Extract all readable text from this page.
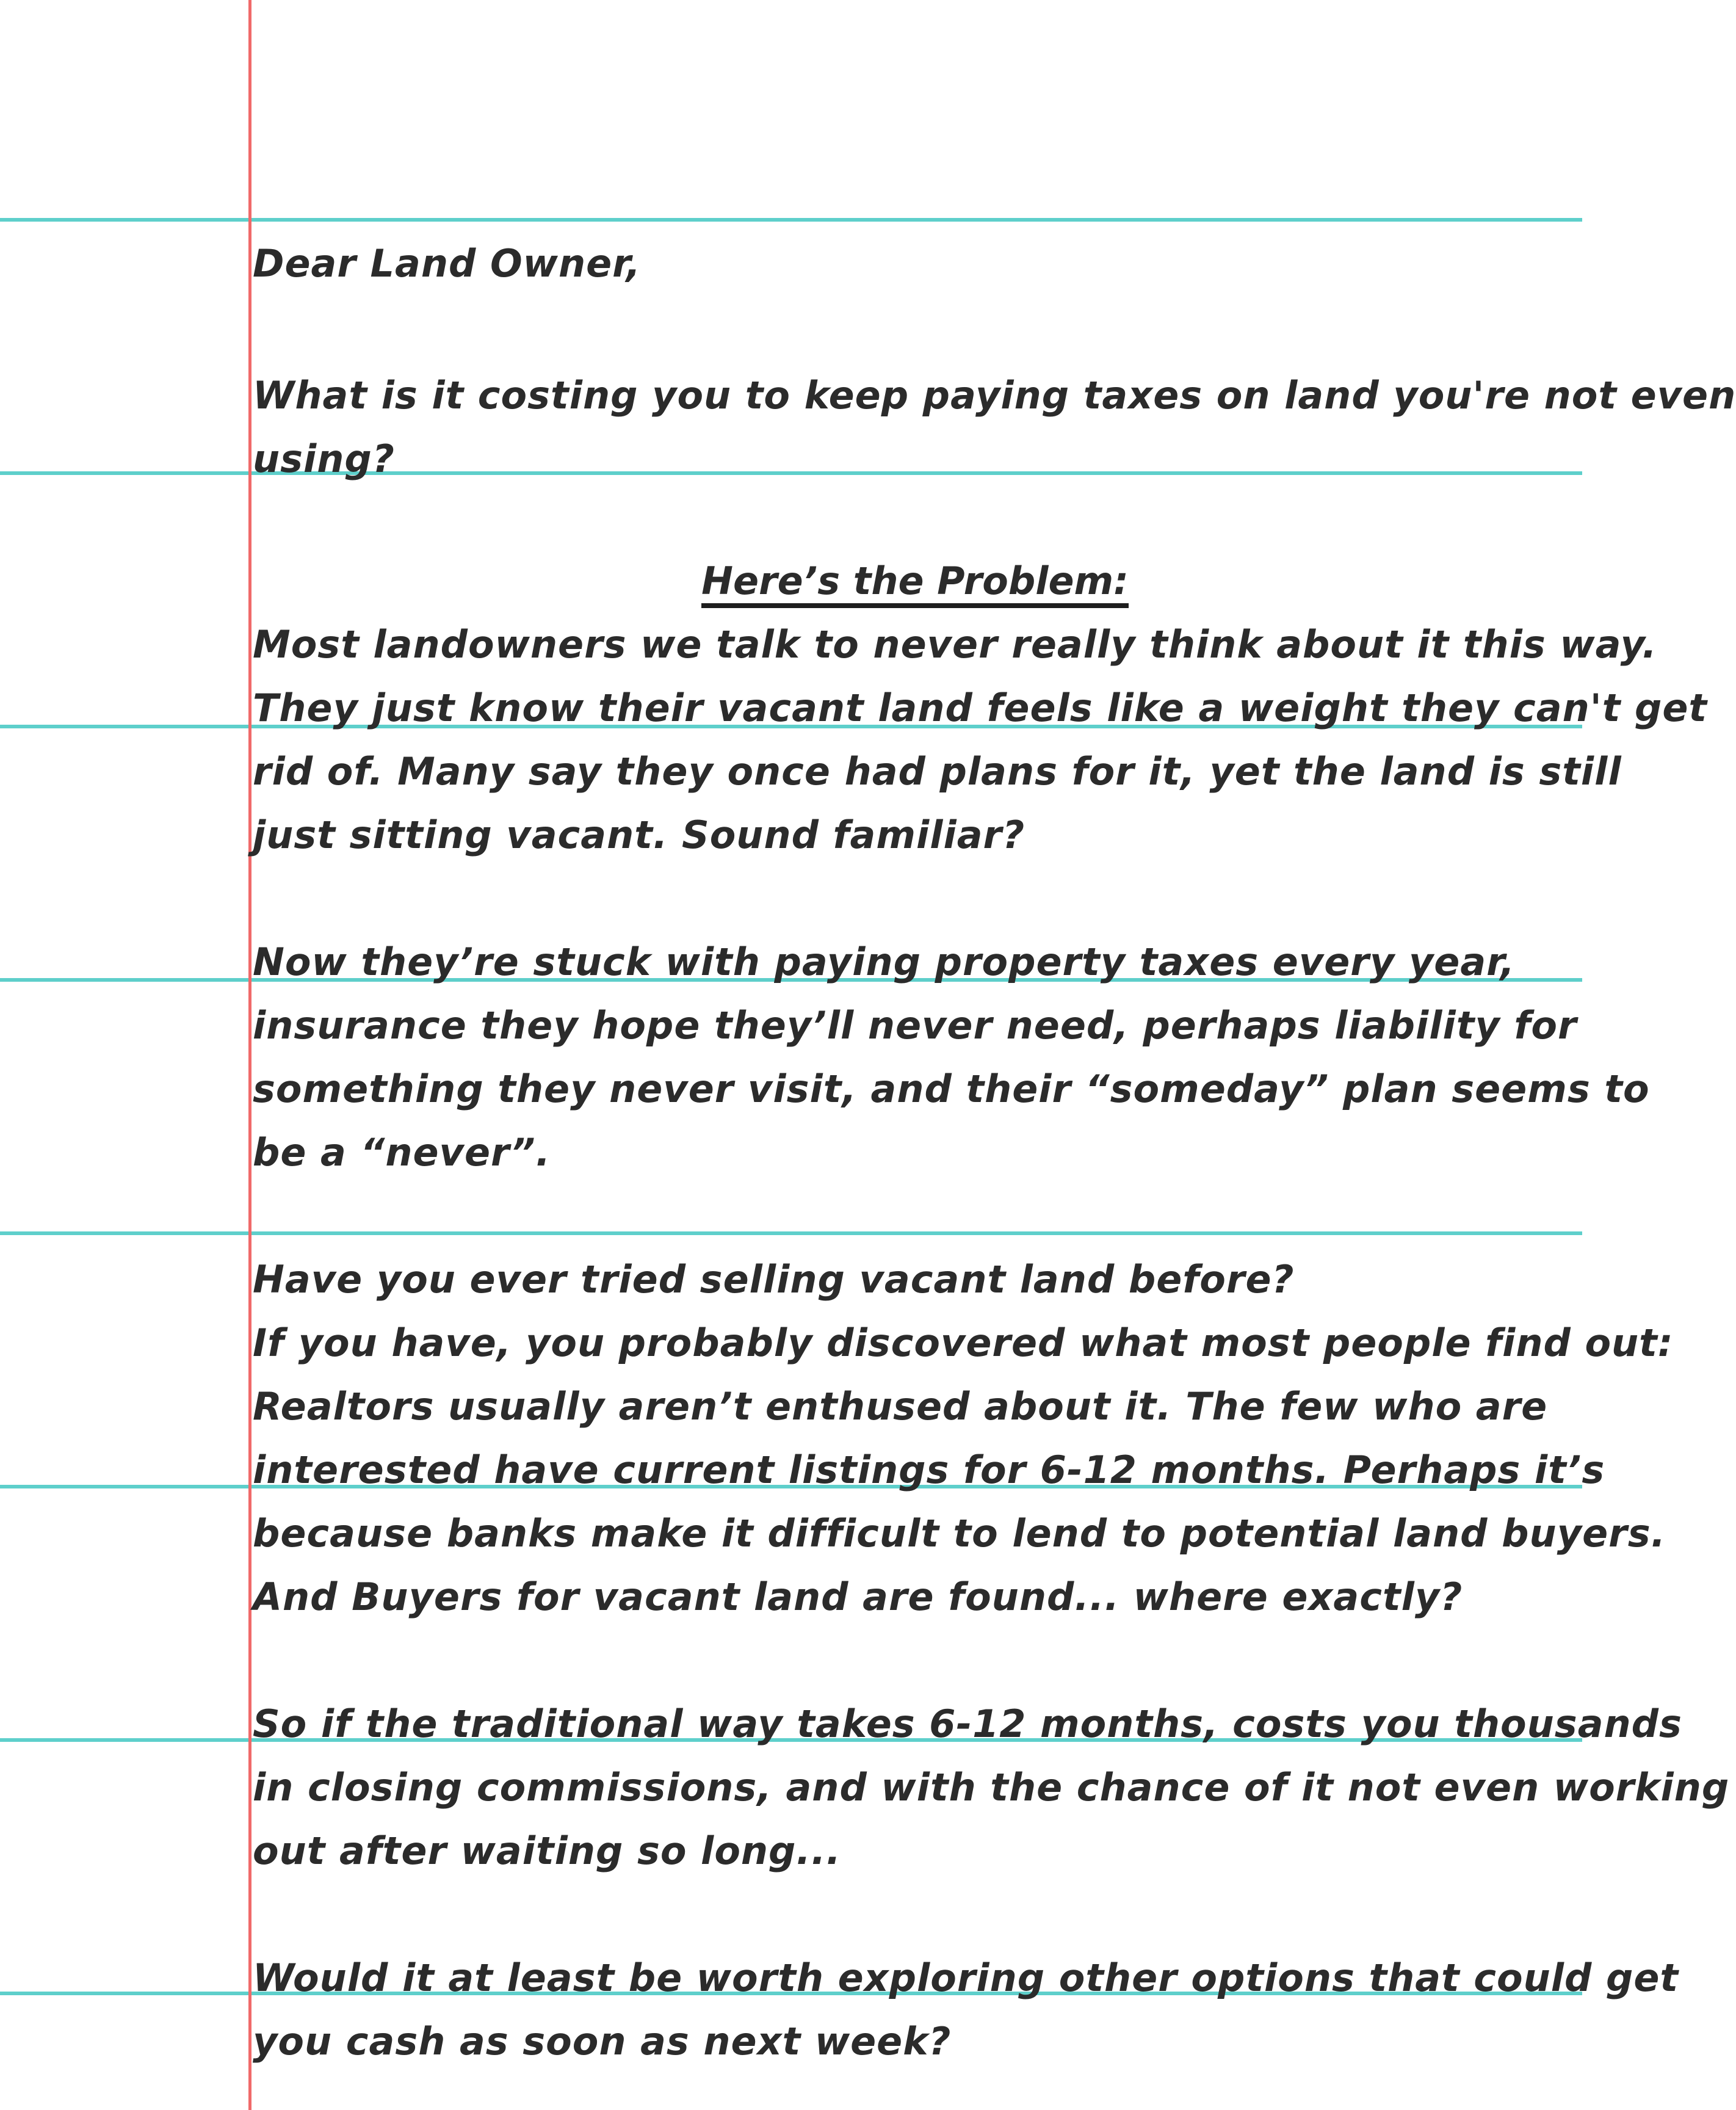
Dear Land Owner,
What is it costing you to keep paying taxes on land you're not even
using?
Here’s the Problem:
Most landowners we talk to never really think about it this way.
They just know their vacant land feels like a weight they can't get
rid of. Many say they once had plans for it, yet the land is still
just sitting vacant. Sound familiar?
Now they’re stuck with paying property taxes every year,
insurance they hope they’ll never need, perhaps liability for
something they never visit, and their “someday” plan seems to
be a “never”.
Have you ever tried selling vacant land before?
If you have, you probably discovered what most people find out:
Realtors usually aren’t enthused about it. The few who are
interested have current listings for 6-12 months. Perhaps it’s
because banks make it difficult to lend to potential land buyers.
And Buyers for vacant land are found... where exactly?
So if the traditional way takes 6-12 months, costs you thousands
in closing commissions, and with the chance of it not even working
out after waiting so long...
Would it at least be worth exploring other options that could get
you cash as soon as next week?
